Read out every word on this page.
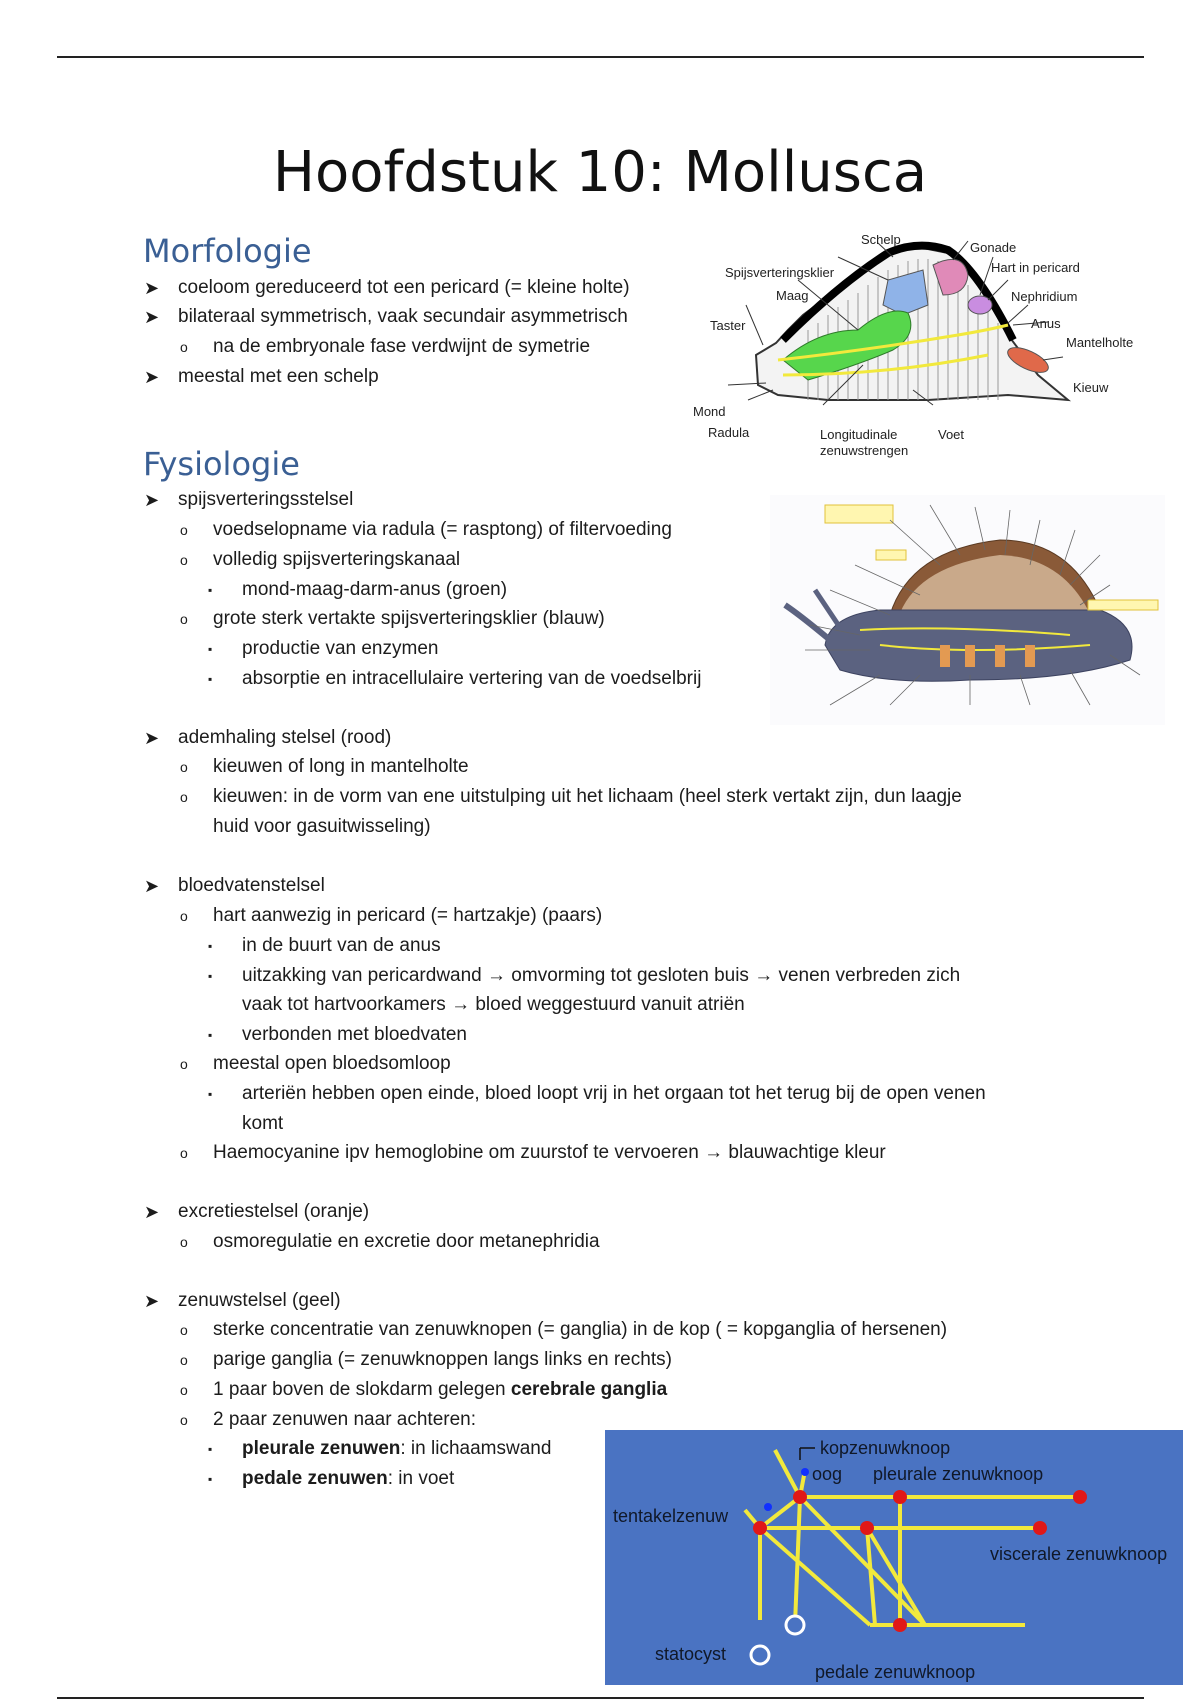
Hoofdstuk 10: Mollusca
Morfologie
➤ coeloom gereduceerd tot een pericard (= kleine holte)
➤ bilateraal symmetrisch, vaak secundair asymmetrisch
o na de embryonale fase verdwijnt de symetrie
➤ meestal met een schelp
Schelp
Gonade
Hart in pericard
Spijsverteringsklier
Maag	Nephridium
Taster	Anus
Mantelholte
Kieuw
Mond
Radula	Longitudinale
zenuwstrengen
Voet
Fysiologie
➤ spijsverteringsstelsel
o voedselopname via radula (= rasptong) of filtervoeding
o volledig spijsverteringskanaal
▪ mond-maag-darm-anus (groen)
o grote sterk vertakte spijsverteringsklier (blauw)
▪ productie van enzymen
▪ absorptie en intracellulaire vertering van de voedselbrij
➤ ademhaling stelsel (rood)
o kieuwen of long in mantelholte
o kieuwen: in de vorm van ene uitstulping uit het lichaam (heel sterk vertakt zijn, dun laagje
huid voor gasuitwisseling)
➤ bloedvatenstelsel
o hart aanwezig in pericard (= hartzakje) (paars)
▪ in de buurt van de anus
▪ uitzakking van pericardwand → omvorming tot gesloten buis → venen verbreden zich
vaak tot hartvoorkamers → bloed weggestuurd vanuit atriën
▪ verbonden met bloedvaten
o meestal open bloedsomloop
▪ arteriën hebben open einde, bloed loopt vrij in het orgaan tot het terug bij de open venen
komt
o Haemocyanine ipv hemoglobine om zuurstof te vervoeren → blauwachtige kleur
➤ excretiestelsel (oranje)
o osmoregulatie en excretie door metanephridia
➤ zenuwstelsel (geel)
o sterke concentratie van zenuwknopen (= ganglia) in de kop ( = kopganglia of hersenen)
o parige ganglia (= zenuwknoppen langs links en rechts)
o 1 paar boven de slokdarm gelegen cerebrale ganglia
o 2 paar zenuwen naar achteren:
▪ pleurale zenuwen: in lichaamswand
▪ pedale zenuwen: in voet
kopzenuwknoop
oog pleurale zenuwknoop
tentakelzenuw
viscerale zenuwknoop
statocyst
pedale zenuwknoop
